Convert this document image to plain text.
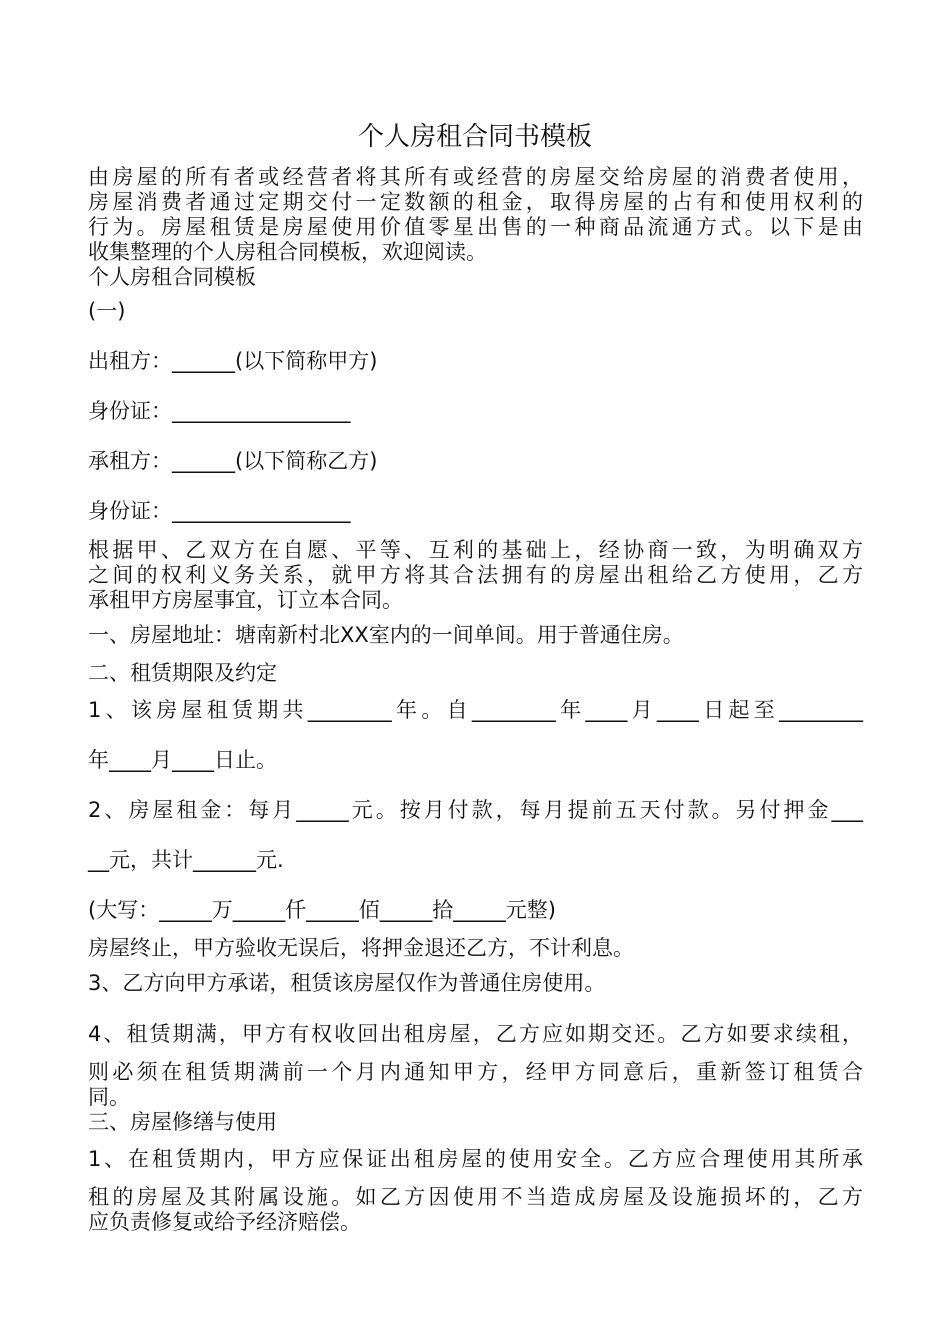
个人房租合同书模板
由房屋的所有者或经营者将其所有或经营的房屋交给房屋的消费者使用，
房屋消费者通过定期交付一定数额的租金，取得房屋的占有和使用权利的
行为。房屋租赁是房屋使用价值零星出售的一种商品流通方式。以下是由
收集整理的个人房租合同模板，欢迎阅读。
个人房租合同模板
(一)
出租方：______(以下简称甲方)
身份证：_________________
承租方：______(以下简称乙方)
身份证：_________________
根据甲、乙双方在自愿、平等、互利的基础上，经协商一致，为明确双方
之间的权利义务关系，就甲方将其合法拥有的房屋出租给乙方使用，乙方
承租甲方房屋事宜，订立本合同。
一、房屋地址：塘南新村北XX室内的一间单间。用于普通住房。
二、租赁期限及约定
1、该房屋租赁期共________年。自________年____月____日起至________
年____月____日止。
2、房屋租金：每月_____元。按月付款，每月提前五天付款。另付押金___
__元，共计______元.
(大写：_____万_____仟_____佰_____拾_____元整)
房屋终止，甲方验收无误后，将押金退还乙方，不计利息。
3、乙方向甲方承诺，租赁该房屋仅作为普通住房使用。
4、租赁期满，甲方有权收回出租房屋，乙方应如期交还。乙方如要求续租，
则必须在租赁期满前一个月内通知甲方，经甲方同意后，重新签订租赁合
同。
三、房屋修缮与使用
1、在租赁期内，甲方应保证出租房屋的使用安全。乙方应合理使用其所承
租的房屋及其附属设施。如乙方因使用不当造成房屋及设施损坏的，乙方
应负责修复或给予经济赔偿。
